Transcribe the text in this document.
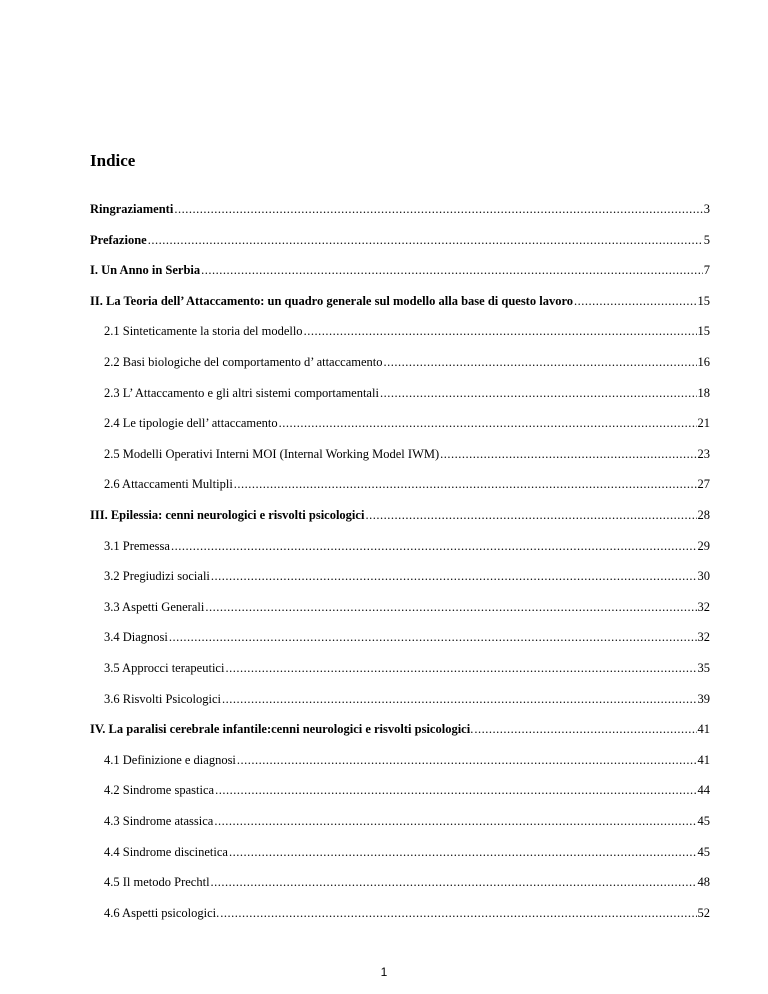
Indice
Ringraziamenti .....	3
Prefazione .....	5
I. Un Anno in Serbia .....	7
II. La Teoria dell’ Attaccamento: un quadro generale sul modello alla base di questo lavoro .....	15
2.1 Sinteticamente la storia del modello .....	15
2.2 Basi biologiche del comportamento d’ attaccamento .....	16
2.3 L’ Attaccamento e gli altri sistemi comportamentali .....	18
2.4 Le tipologie dell’ attaccamento .....	21
2.5 Modelli Operativi Interni MOI (Internal Working Model IWM) .....	23
2.6 Attaccamenti Multipli .....	27
III. Epilessia: cenni neurologici e risvolti psicologici .....	28
3.1 Premessa .....	29
3.2 Pregiudizi sociali .....	30
3.3 Aspetti Generali .....	32
3.4 Diagnosi .....	32
3.5 Approcci terapeutici .....	35
3.6 Risvolti Psicologici .....	39
IV. La paralisi cerebrale infantile:cenni neurologici e risvolti psicologici. .....	41
4.1 Definizione e diagnosi .....	41
4.2 Sindrome spastica .....	44
4.3 Sindrome atassica .....	45
4.4 Sindrome discinetica .....	45
4.5 Il metodo Prechtl .....	48
4.6 Aspetti psicologici. .....	52
1
